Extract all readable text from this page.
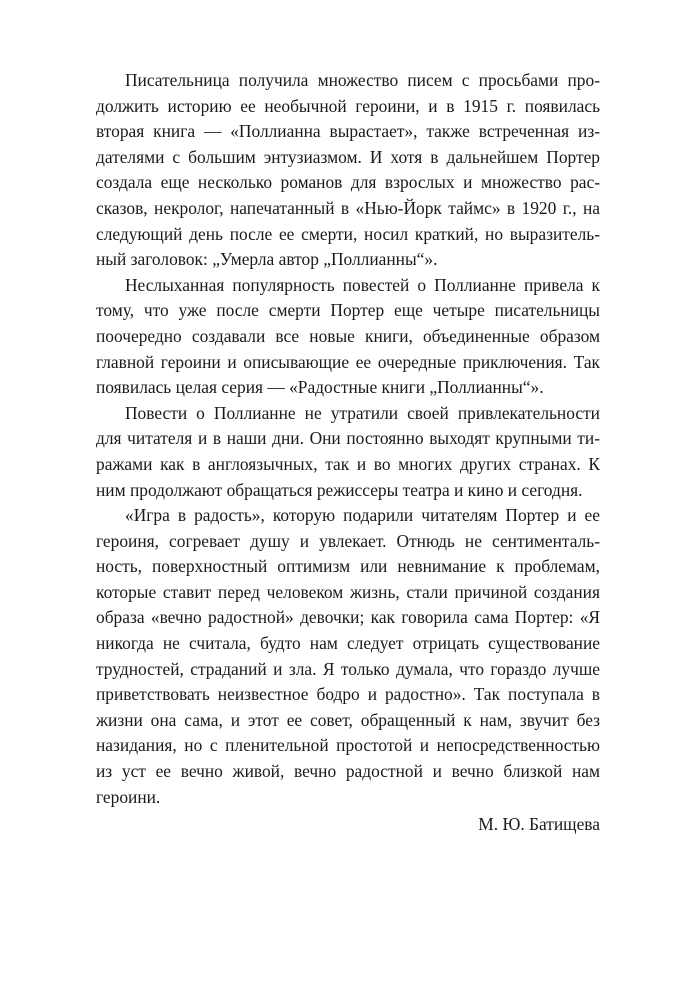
Писательница получила множество писем с просьбами продолжить историю ее необычной героини, и в 1915 г. появилась вторая книга — «Поллианна вырастает», также встреченная издателями с большим энтузиазмом. И хотя в дальнейшем Портер создала еще несколько романов для взрослых и множество рассказов, некролог, напечатанный в «Нью-Йорк таймс» в 1920 г., на следующий день после ее смерти, носил краткий, но выразительный заголовок: „Умерла автор „Поллианны“».

Неслыханная популярность повестей о Поллианне привела к тому, что уже после смерти Портер еще четыре писательницы поочередно создавали все новые книги, объединенные образом главной героини и описывающие ее очередные приключения. Так появилась целая серия — «Радостные книги „Поллианны“».

Повести о Поллианне не утратили своей привлекательности для читателя и в наши дни. Они постоянно выходят крупными тиражами как в англоязычных, так и во многих других странах. К ним продолжают обращаться режиссеры театра и кино и сегодня.

«Игра в радость», которую подарили читателям Портер и ее героиня, согревает душу и увлекает. Отнюдь не сентиментальность, поверхностный оптимизм или невнимание к проблемам, которые ставит перед человеком жизнь, стали причиной создания образа «вечно радостной» девочки; как говорила сама Портер: «Я никогда не считала, будто нам следует отрицать существование трудностей, страданий и зла. Я только думала, что гораздо лучше приветствовать неизвестное бодро и радостно». Так поступала в жизни она сама, и этот ее совет, обращенный к нам, звучит без назидания, но с пленительной простотой и непосредственностью из уст ее вечно живой, вечно радостной и вечно близкой нам героини.

М. Ю. Батищева
